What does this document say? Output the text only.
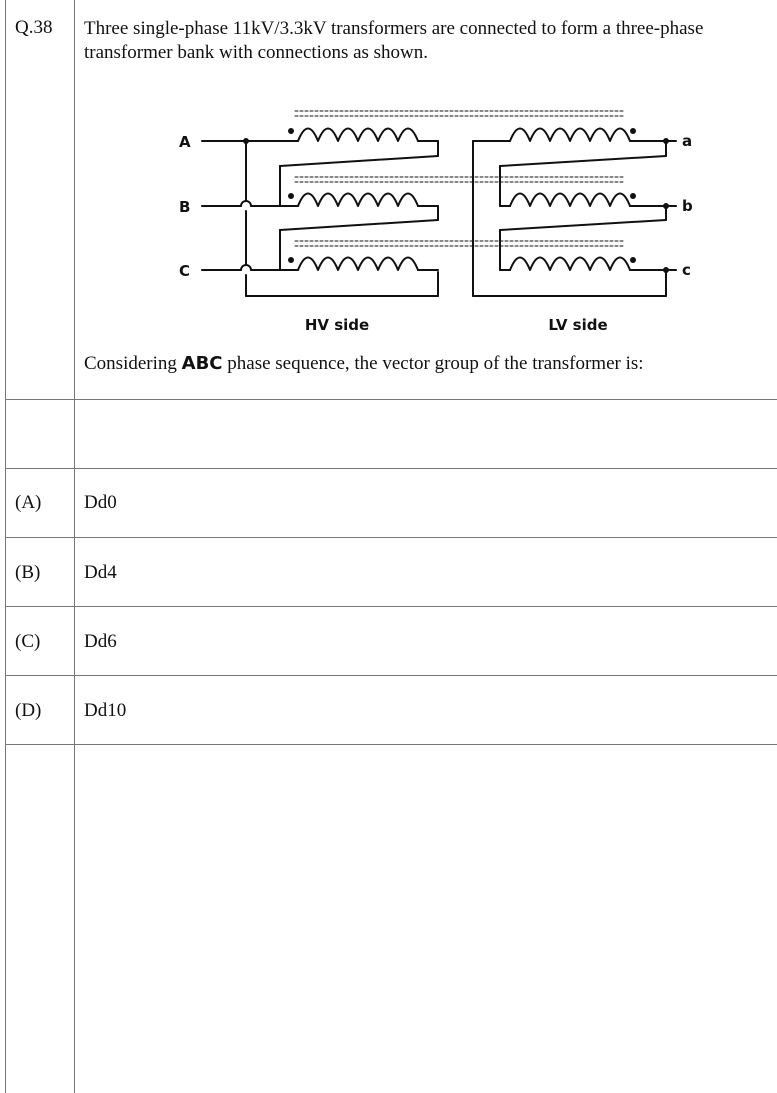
Q.38 Three single-phase 11kV/3.3kV transformers are connected to form a three-phase transformer bank with connections as shown.
A
B
C
a
b
c
HV side	LV side
Considering ABC phase sequence, the vector group of the transformer is:
(A) Dd0
(B) Dd4
(C) Dd6
(D) Dd10
